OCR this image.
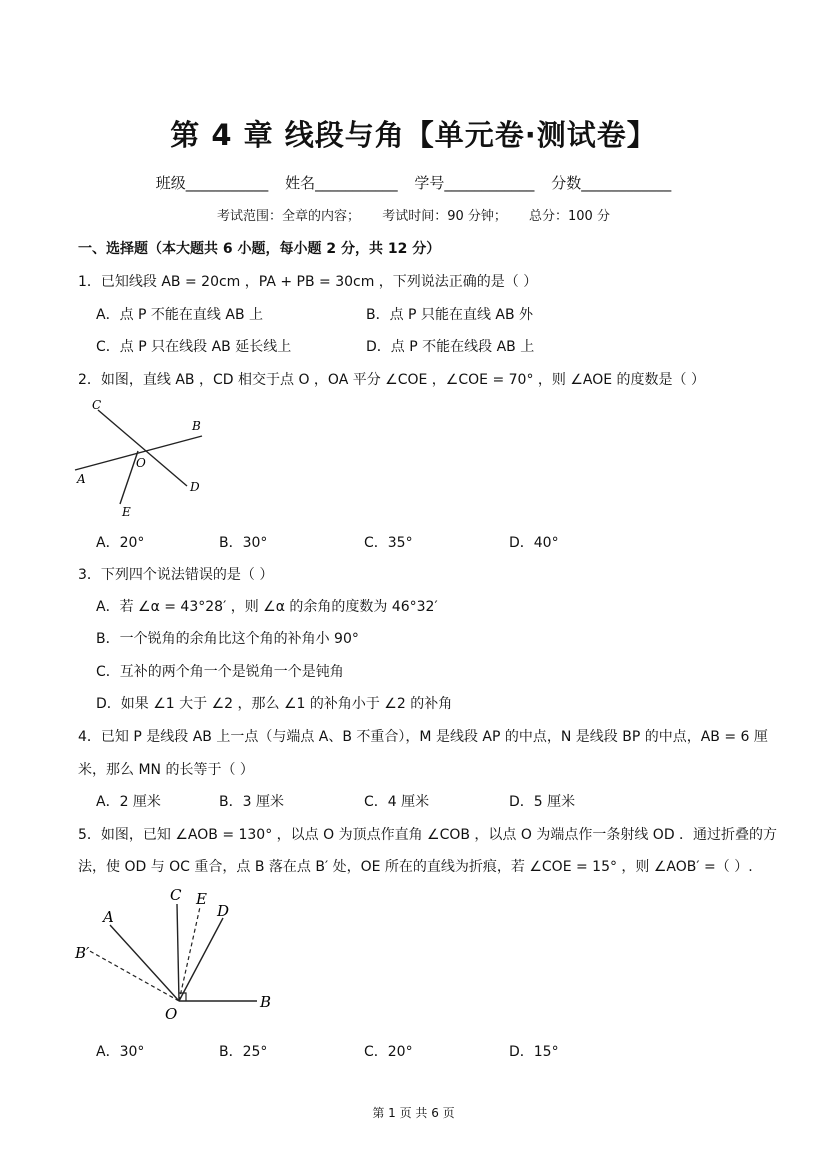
第 4 章 线段与角【单元卷·测试卷】
班级___________ 姓名___________ 学号____________ 分数____________
考试范围：全章的内容； 考试时间：90 分钟； 总分：100 分
一、选择题（本大题共 6 小题，每小题 2 分，共 12 分）
1．已知线段 AB = 20cm ，PA + PB = 30cm ，下列说法正确的是（ ）
A．点 P 不能在直线 AB 上	B．点 P 只能在直线 AB 外
C．点 P 只在线段 AB 延长线上	D．点 P 不能在线段 AB 上
2．如图，直线 AB ，CD 相交于点 O ，OA 平分 ∠COE ，∠COE = 70° ，则 ∠AOE 的度数是（ ）
C
B
O
A
D
E
A．20°	B．30°	C．35°	D．40°
3．下列四个说法错误的是（ ）
A．若 ∠α = 43°28′ ，则 ∠α 的余角的度数为 46°32′
B．一个锐角的余角比这个角的补角小 90°
C．互补的两个角一个是锐角一个是钝角
D．如果 ∠1 大于 ∠2 ，那么 ∠1 的补角小于 ∠2 的补角
4．已知 P 是线段 AB 上一点（与端点 A、B 不重合），M 是线段 AP 的中点，N 是线段 BP 的中点，AB = 6 厘
米，那么 MN 的长等于（ ）
A．2 厘米	B．3 厘米	C．4 厘米	D．5 厘米
5．如图，已知 ∠AOB = 130° ，以点 O 为顶点作直角 ∠COB ，以点 O 为端点作一条射线 OD ．通过折叠的方
法，使 OD 与 OC 重合，点 B 落在点 B′ 处，OE 所在的直线为折痕，若 ∠COE = 15° ，则 ∠AOB′ =（ ）.
C E
D
A
B′
O
B
A．30°	B．25°	C．20°	D．15°
第 1 页 共 6 页
